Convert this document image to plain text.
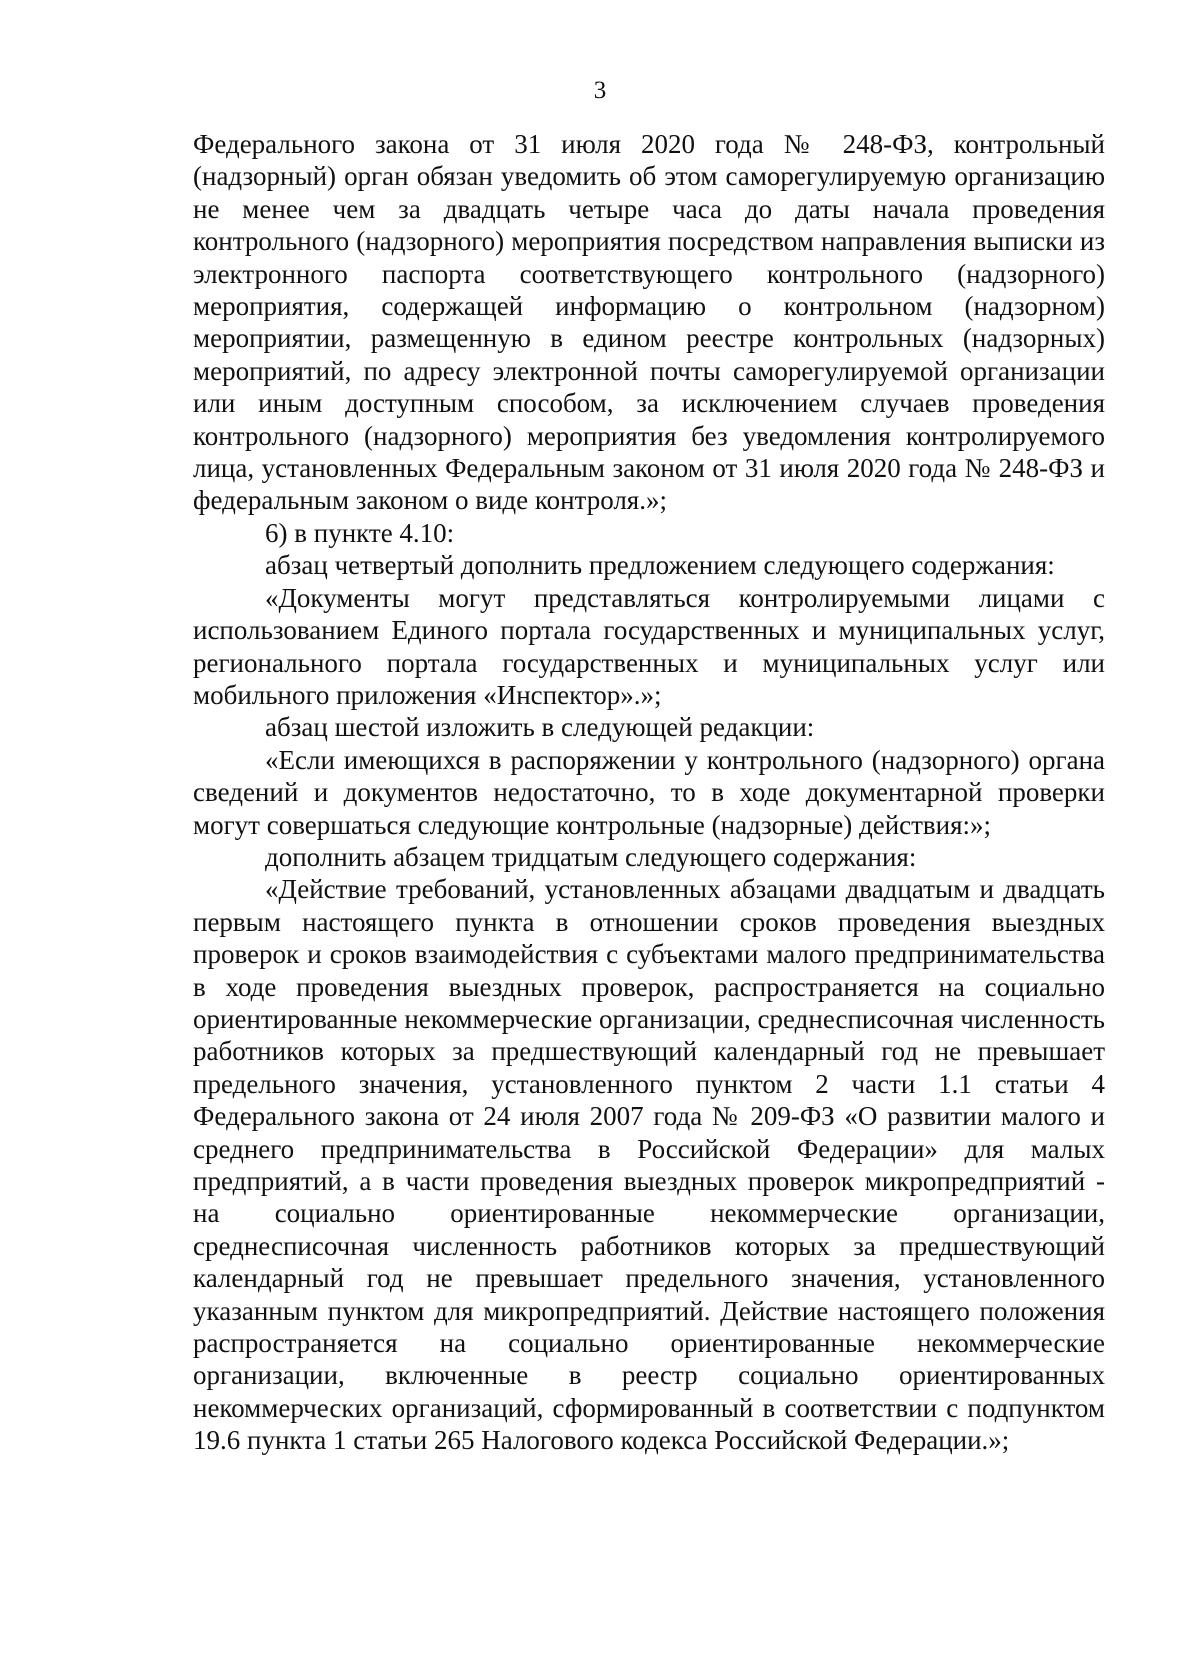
3

Федерального закона от 31 июля 2020 года № 248-ФЗ, контрольный (надзорный) орган обязан уведомить об этом саморегулируемую организацию не менее чем за двадцать четыре часа до даты начала проведения контрольного (надзорного) мероприятия посредством направления выписки из электронного паспорта соответствующего контрольного (надзорного) мероприятия, содержащей информацию о контрольном (надзорном) мероприятии, размещенную в едином реестре контрольных (надзорных) мероприятий, по адресу электронной почты саморегулируемой организации или иным доступным способом, за исключением случаев проведения контрольного (надзорного) мероприятия без уведомления контролируемого лица, установленных Федеральным законом от 31 июля 2020 года № 248-ФЗ и федеральным законом о виде контроля.»;

6) в пункте 4.10:

абзац четвертый дополнить предложением следующего содержания:

«Документы могут представляться контролируемыми лицами с использованием Единого портала государственных и муниципальных услуг, регионального портала государственных и муниципальных услуг или мобильного приложения «Инспектор».»;

абзац шестой изложить в следующей редакции:

«Если имеющихся в распоряжении у контрольного (надзорного) органа сведений и документов недостаточно, то в ходе документарной проверки могут совершаться следующие контрольные (надзорные) действия:»;

дополнить абзацем тридцатым следующего содержания:

«Действие требований, установленных абзацами двадцатым и двадцать первым настоящего пункта в отношении сроков проведения выездных проверок и сроков взаимодействия с субъектами малого предпринимательства в ходе проведения выездных проверок, распространяется на социально ориентированные некоммерческие организации, среднесписочная численность работников которых за предшествующий календарный год не превышает предельного значения, установленного пунктом 2 части 1.1 статьи 4 Федерального закона от 24 июля 2007 года № 209-ФЗ «О развитии малого и среднего предпринимательства в Российской Федерации» для малых предприятий, а в части проведения выездных проверок микропредприятий - на социально ориентированные некоммерческие организации, среднесписочная численность работников которых за предшествующий календарный год не превышает предельного значения, установленного указанным пунктом для микропредприятий. Действие настоящего положения распространяется на социально ориентированные некоммерческие организации, включенные в реестр социально ориентированных некоммерческих организаций, сформированный в соответствии с подпунктом 19.6 пункта 1 статьи 265 Налогового кодекса Российской Федерации.»;
